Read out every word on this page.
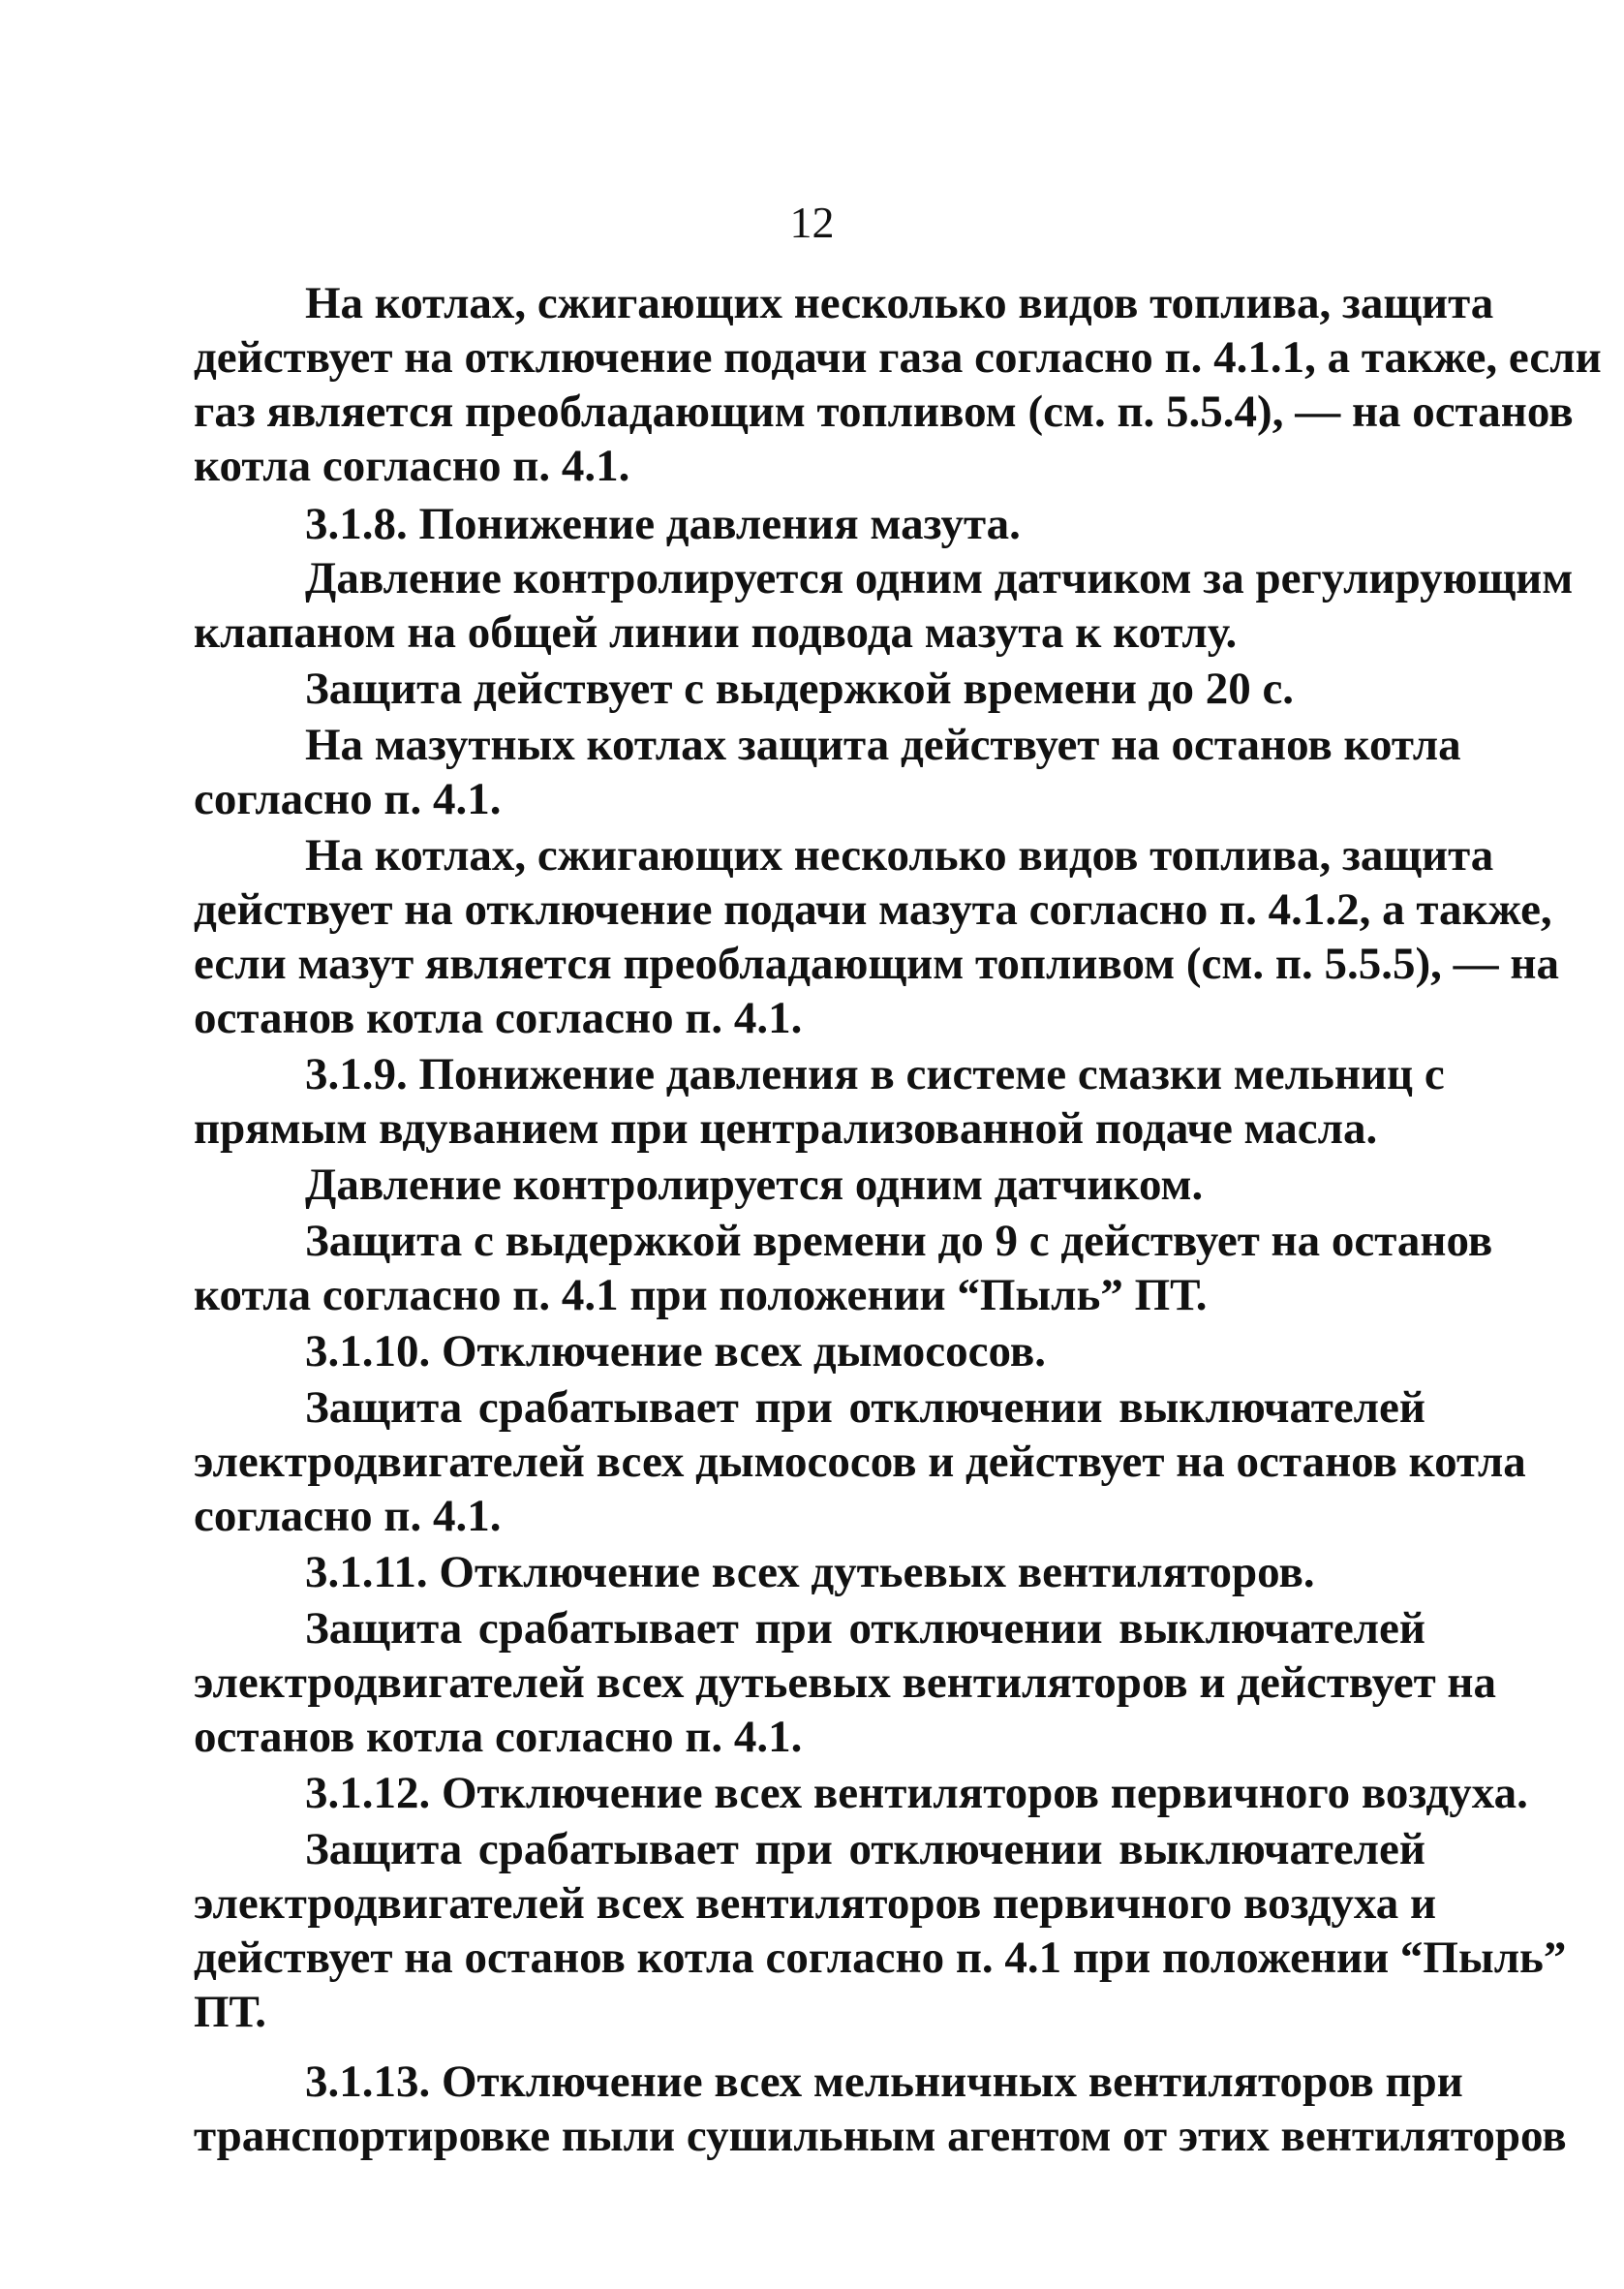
12
На котлах, сжигающих несколько видов топлива, защита
действует на отключение подачи газа согласно п. 4.1.1, а также, если
газ является преобладающим топливом (см. п. 5.5.4), — на останов
котла согласно п. 4.1.
3.1.8. Понижение давления мазута.
Давление контролируется одним датчиком за регулирующим
клапаном на общей линии подвода мазута к котлу.
Защита действует с выдержкой времени до 20 с.
На мазутных котлах защита действует на останов котла
согласно п. 4.1.
На котлах, сжигающих несколько видов топлива, защита
действует на отключение подачи мазута согласно п. 4.1.2, а также,
если мазут является преобладающим топливом (см. п. 5.5.5), — на
останов котла согласно п. 4.1.
3.1.9. Понижение давления в системе смазки мельниц с
прямым вдуванием при централизованной подаче масла.
Давление контролируется одним датчиком.
Защита с выдержкой времени до 9 с действует на останов
котла согласно п. 4.1 при положении “Пыль” ПТ.
3.1.10. Отключение всех дымососов.
Защита срабатывает при отключении выключателей
электродвигателей всех дымососов и действует на останов котла
согласно п. 4.1.
3.1.11. Отключение всех дутьевых вентиляторов.
Защита срабатывает при отключении выключателей
электродвигателей всех дутьевых вентиляторов и действует на
останов котла согласно п. 4.1.
3.1.12. Отключение всех вентиляторов первичного воздуха.
Защита срабатывает при отключении выключателей
электродвигателей всех вентиляторов первичного воздуха и
действует на останов котла согласно п. 4.1 при положении “Пыль”
ПТ.
3.1.13. Отключение всех мельничных вентиляторов при
транспортировке пыли сушильным агентом от этих вентиляторов
